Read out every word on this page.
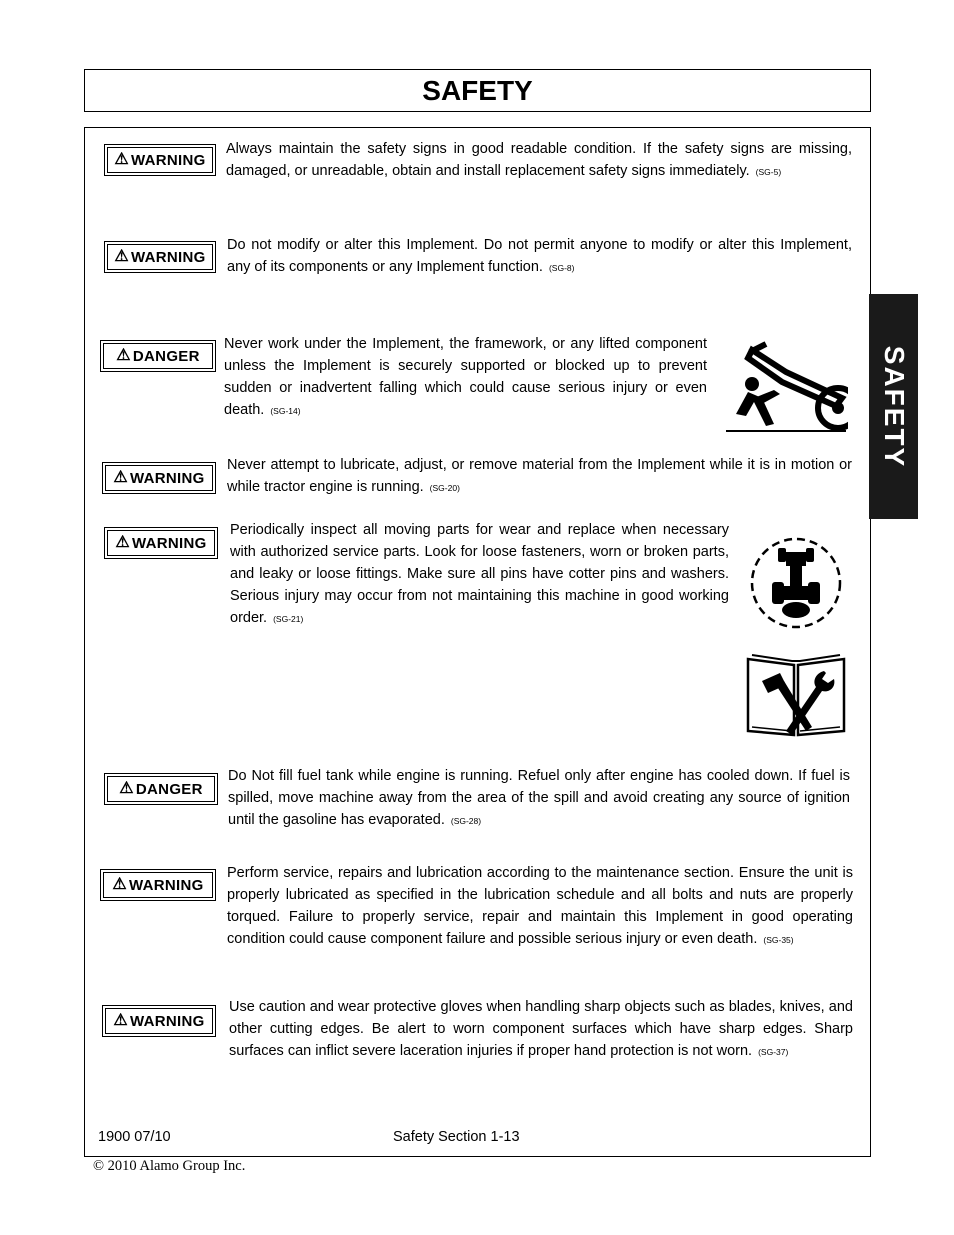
SAFETY
SAFETY
⚠ WARNING
Always maintain the safety signs in good readable condition. If the safety signs are missing, damaged, or unreadable, obtain and install replacement safety signs immediately. (SG-5)
⚠ WARNING
Do not modify or alter this Implement. Do not permit anyone to modify or alter this Implement, any of its components or any Implement function. (SG-8)
⚠ DANGER
Never work under the Implement, the framework, or any lifted component unless the Implement is securely supported or blocked up to prevent sudden or inadvertent falling which could cause serious injury or even death. (SG-14)
⚠ WARNING
Never attempt to lubricate, adjust, or remove material from the Implement while it is in motion or while tractor engine is running. (SG-20)
⚠ WARNING
Periodically inspect all moving parts for wear and replace when necessary with authorized service parts. Look for loose fasteners, worn or broken parts, and leaky or loose fittings. Make sure all pins have cotter pins and washers. Serious injury may occur from not maintaining this machine in good working order. (SG-21)
⚠ DANGER
Do Not fill fuel tank while engine is running. Refuel only after engine has cooled down. If fuel is spilled, move machine away from the area of the spill and avoid creating any source of ignition until the gasoline has evaporated. (SG-28)
⚠ WARNING
Perform service, repairs and lubrication according to the maintenance section. Ensure the unit is properly lubricated as specified in the lubrication schedule and all bolts and nuts are properly torqued. Failure to properly service, repair and maintain this Implement in good operating condition could cause component failure and possible serious injury or even death. (SG-35)
⚠ WARNING
Use caution and wear protective gloves when handling sharp objects such as blades, knives, and other cutting edges. Be alert to worn component surfaces which have sharp edges. Sharp surfaces can inflict severe laceration injuries if proper hand protection is not worn. (SG-37)
1900 07/10	Safety Section 1-13
© 2010 Alamo Group Inc.
